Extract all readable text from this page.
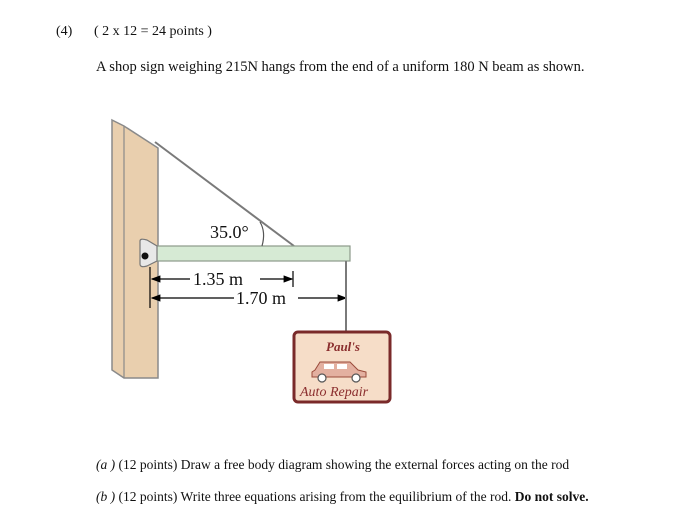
(4) ( 2 x 12 = 24 points )
A shop sign weighing 215N hangs from the end of a uniform 180 N beam as shown.
35.0°
1.35 m
1.70 m
Paul's
Auto Repair
(a ) (12 points) Draw a free body diagram showing the external forces acting on the rod
(b ) (12 points) Write three equations arising from the equilibrium of the rod. Do not solve.
